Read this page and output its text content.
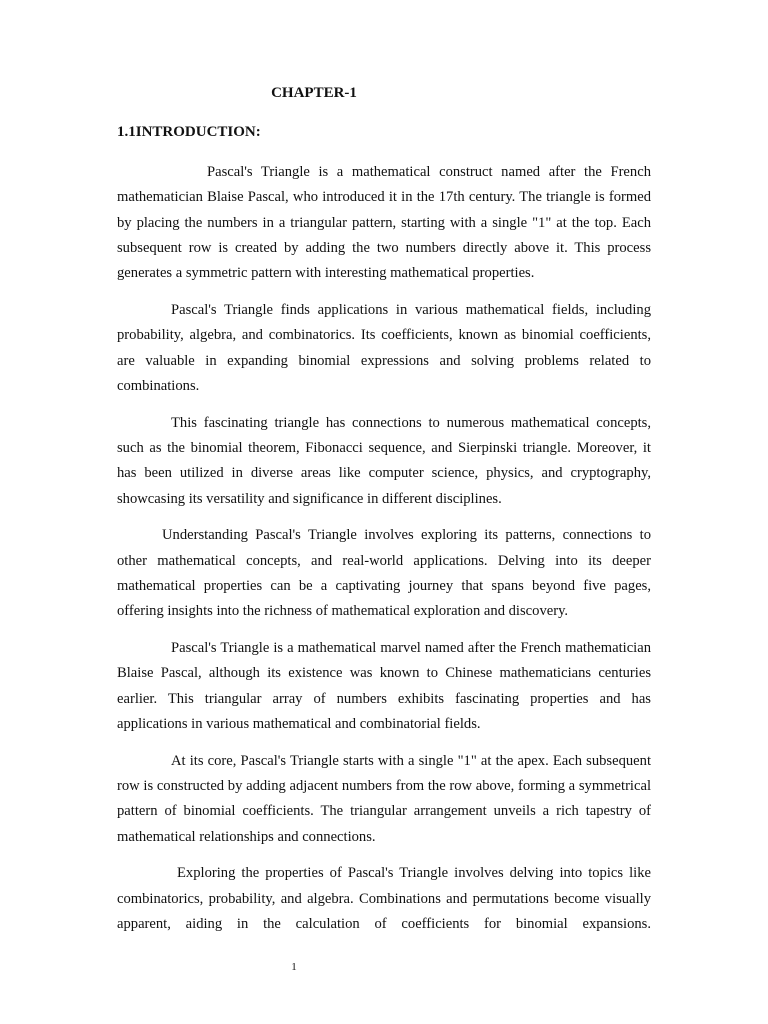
CHAPTER-1
1.1INTRODUCTION:

Pascal's Triangle is a mathematical construct named after the French mathematician Blaise Pascal, who introduced it in the 17th century. The triangle is formed by placing the numbers in a triangular pattern, starting with a single "1" at the top. Each subsequent row is created by adding the two numbers directly above it. This process generates a symmetric pattern with interesting mathematical properties.

Pascal's Triangle finds applications in various mathematical fields, including probability, algebra, and combinatorics. Its coefficients, known as binomial coefficients, are valuable in expanding binomial expressions and solving problems related to combinations.

This fascinating triangle has connections to numerous mathematical concepts, such as the binomial theorem, Fibonacci sequence, and Sierpinski triangle. Moreover, it has been utilized in diverse areas like computer science, physics, and cryptography, showcasing its versatility and significance in different disciplines.

Understanding Pascal's Triangle involves exploring its patterns, connections to other mathematical concepts, and real-world applications. Delving into its deeper mathematical properties can be a captivating journey that spans beyond five pages, offering insights into the richness of mathematical exploration and discovery.

Pascal's Triangle is a mathematical marvel named after the French mathematician Blaise Pascal, although its existence was known to Chinese mathematicians centuries earlier. This triangular array of numbers exhibits fascinating properties and has applications in various mathematical and combinatorial fields.

At its core, Pascal's Triangle starts with a single "1" at the apex. Each subsequent row is constructed by adding adjacent numbers from the row above, forming a symmetrical pattern of binomial coefficients. The triangular arrangement unveils a rich tapestry of mathematical relationships and connections.

Exploring the properties of Pascal's Triangle involves delving into topics like combinatorics, probability, and algebra. Combinations and permutations become visually apparent, aiding in the calculation of coefficients for binomial expansions.

1
